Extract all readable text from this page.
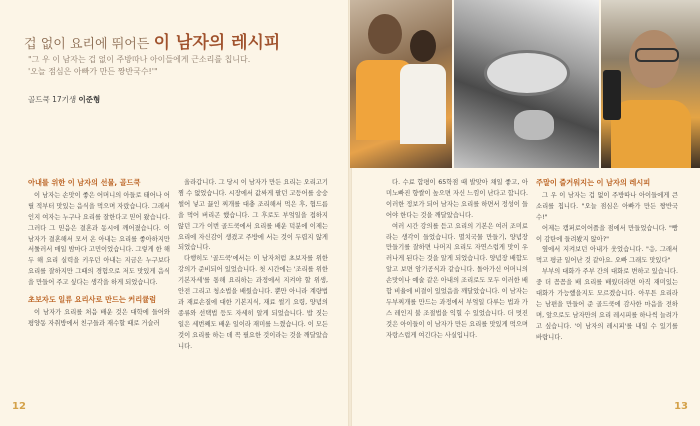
겁 없이 요리에 뛰어든 이 남자의 레시피
"그 우 이 남자는 겁 없이 주방따나 아이들에게 근소리를 칩니다.
'오늘 점심은 아빠가 만든 짱반국수!'"
골드쿡 17기생 이준형
아내를 위한 이 남자의 선물, 골드쿡

이 남자는 손맛이 좋은 어머니의 아들로 태어나 어릴 적부터 맛있는 음식을 먹으며 자랐습니다. 그래서인지 여자는 누구나 요리를 잘한다고 믿어 왔습니다. 그러다 그 믿음은 결혼과 동시에 깨어졌습니다. 이 남자가 결혼해서 모셔 온 아내는 요리를 좋아하지만 서툴러서 매일 밤마다 고민이었습니다. 그렇게 한 해 두 해 요리 실력을 키우던 아내는 지금은 누구보다 요리를 잘하지만 그때의 경험으로 저도 맛있게 음식을 만들어 주고 싶다는 생각을 하게 되었습니다.

초보자도 일류 요리사로 만드는 커리큘럼

이 남자가 요리를 처음 배운 것은 대학에 들어와 평양동 자취방에서 친구들과 재수할 때로 거슬러

올라갑니다. 그 당시 이 남자가 만든 요리는 오리고기 찜 수 없었습니다. 시장에서 값싸게 팔던 고등어를 숭숭 썰어 넣고 끓인 찌개를 대충 조리해서 먹은 후, 협드름을 먹어 버리곤 했습니다. 그 후로도 부엌일을 접하지 않던 그가 이번 골드쿡에서 요리를 배운 덕분에 이제는 요리에 자신감이 생겼고 주방에 서는 것이 두렵지 않게 되었습니다.

다행히도 '골드쿡'에서는 이 남자처럼 초보자를 위한 강의가 준비되어 있었습니다. 첫 시간에는 '조리를 위한 기본자세'를 통해 요리하는 과정에서 지켜야 할 위생, 안전 그리고 청소법을 배웠습니다. 뿐만 아니라 계량법과 재료손질에 대한 기본지식, 재료 썰기 요령, 양념의 종류와 선택법 등도 자세히 알게 되었습니다. 밥 짓는 일은 세번째도 배운 일이라 재미를 느꼈습니다. 이 모든 것이 요리를 하는 데 꼭 필요한 것이라는 것을 깨달았습니다.

다. 수료 합평이 65학점 때 발맞아 채일 좋고, 아미노빠진 향쌀이 높으면 자신 느낌이 난다고 합니다. 이러한 정보가 되어 남자는 요리를 하면서 정성이 들어야 한다는 것을 깨달았습니다.

여러 시간 강의를 듣고 요리의 기본은 여러 조미료라는 생각이 들었습니다. 멸치국물 만들기, 양념장 만들기를 잘하면 나머지 요리도 자연스럽게 맛이 우러나게 된다는 것을 알게 되었습니다. 양념장 배합도 알고 보면 암기공식과 같습니다. 돌아가신 어머니의 손맛이나 예술 같은 아내의 조리로도 모두 이러한 배합 비율에 비결이 있었음을 깨달았습니다. 이 남자는 두부찌개를 만드는 과정에서 부엌일 다루는 법과 가스 레인지 불 조절법을 익힐 수 있었습니다. 더 멋진 것은 아이들이 이 남자가 만든 요리를 맛있게 먹으며 자랑스럽게 여긴다는 사실입니다.

주말이 즐거워지는 이 남자의 레시피

그 우 이 남자는 겁 없이 주방따나 아이들에게 큰소리를 칩니다. "오늘 점심은 아빠가 만든 짱반국수!"

어제는 캠퍼로이어플을 점에서 만들었습니다. "빵이 감탄에 들려봤지 않아?"

옆에서 지켜보던 아내가 웃었습니다. "응, 그래서 먹고 평균 일어난 것 같아요. 오빠 그래도 맛있다"

부부의 대화가 주부 간의 대화로 변하고 있습니다. 중 더 꼼꼼을 배 요리를 배웠더라면 아직 재미있는 대화가 가능했을지도 모르겠습니다. 아무튼 요리라는 남편을 만들어 준 골드쿡에 감사한 마음을 전하며, 앞으로도 남자만의 요리 레시피를 하나씩 늘려가고 싶습니다. '이 남자의 레시피'를 내일 수 있기를 바랍니다.

12	13
